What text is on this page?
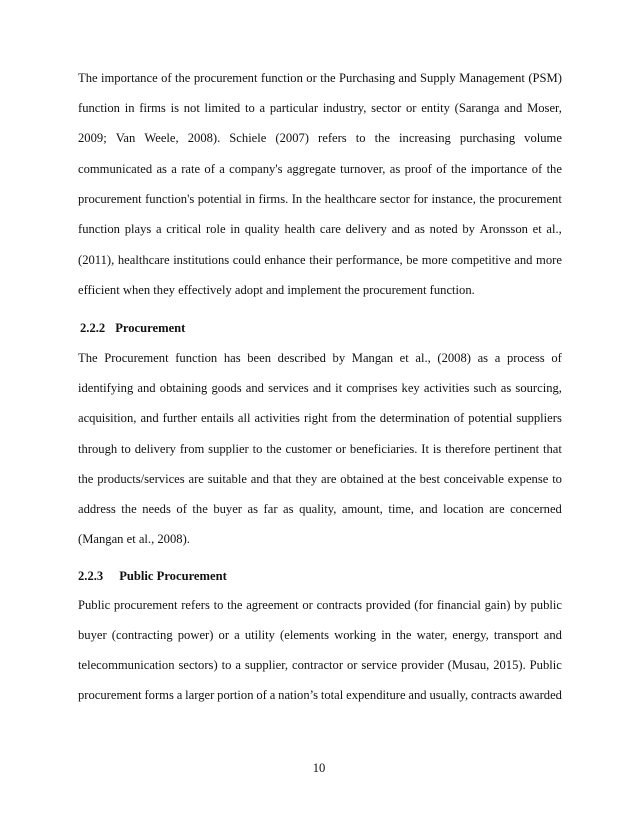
The importance of the procurement function or the Purchasing and Supply Management (PSM)
function in firms is not limited to a particular industry, sector or entity (Saranga and Moser,
2009; Van Weele, 2008). Schiele (2007) refers to the increasing purchasing volume
communicated as a rate of a company's aggregate turnover, as proof of the importance of the
procurement function's potential in firms. In the healthcare sector for instance, the procurement
function plays a critical role in quality health care delivery and as noted by Aronsson et al.,
(2011), healthcare institutions could enhance their performance, be more competitive and more
efficient when they effectively adopt and implement the procurement function.
2.2.2 Procurement
The Procurement function has been described by Mangan et al., (2008) as a process of
identifying and obtaining goods and services and it comprises key activities such as sourcing,
acquisition, and further entails all activities right from the determination of potential suppliers
through to delivery from supplier to the customer or beneficiaries. It is therefore pertinent that
the products/services are suitable and that they are obtained at the best conceivable expense to
address the needs of the buyer as far as quality, amount, time, and location are concerned
(Mangan et al., 2008).
2.2.3 Public Procurement
Public procurement refers to the agreement or contracts provided (for financial gain) by public
buyer (contracting power) or a utility (elements working in the water, energy, transport and
telecommunication sectors) to a supplier, contractor or service provider (Musau, 2015). Public
procurement forms a larger portion of a nation’s total expenditure and usually, contracts awarded
10
